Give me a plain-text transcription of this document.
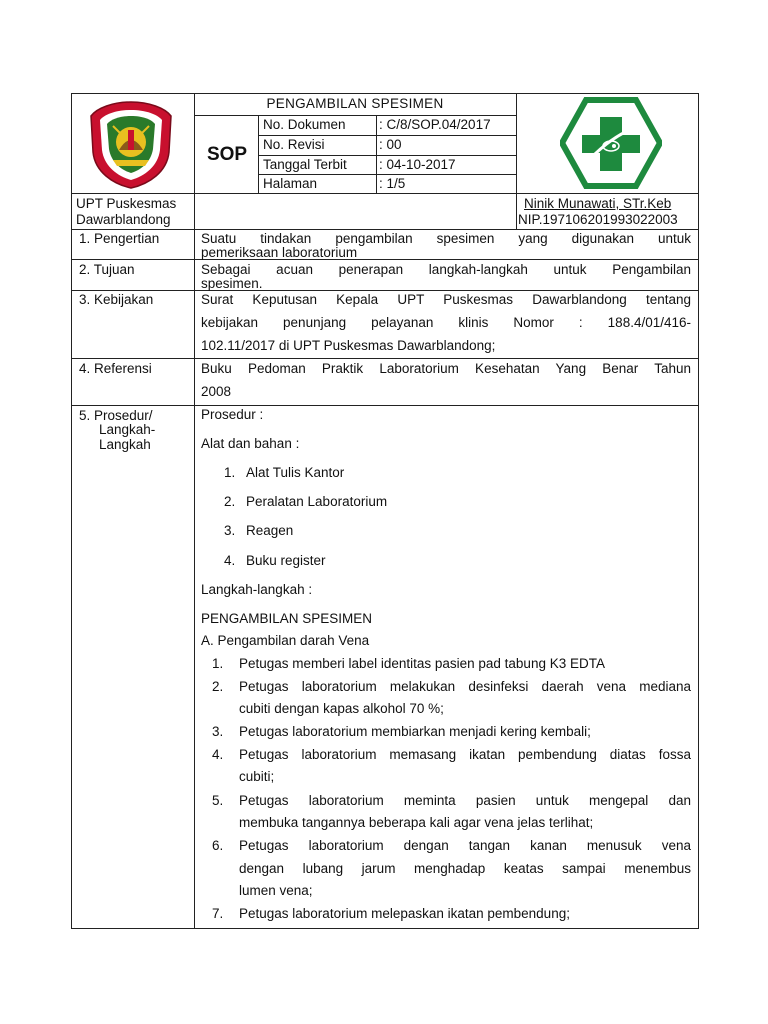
PENGAMBILAN SPESIMEN
SOP
No. Dokumen : C/8/SOP.04/2017
No. Revisi	: 00
Tanggal Terbit : 04-10-2017
Halaman	: 1/5
UPT Puskesmas
Dawarblandong
Ninik Munawati, STr.Keb
NIP.197106201993022003
1. Pengertian	Suatu tindakan pengambilan spesimen yang digunakan untuk
pemeriksaan laboratorium
2. Tujuan	Sebagai acuan penerapan langkah-langkah untuk Pengambilan
spesimen.
3. Kebijakan	Surat Keputusan Kepala UPT Puskesmas Dawarblandong tentang
kebijakan penunjang pelayanan klinis Nomor : 188.4/01/416-
102.11/2017 di UPT Puskesmas Dawarblandong;
4. Referensi	Buku Pedoman Praktik Laboratorium Kesehatan Yang Benar Tahun
2008
5. Prosedur/
Langkah-
Langkah
Prosedur :
Alat dan bahan :
1. Alat Tulis Kantor
2. Peralatan Laboratorium
3. Reagen
4. Buku register
Langkah-langkah :
PENGAMBILAN SPESIMEN
A. Pengambilan darah Vena
1. Petugas memberi label identitas pasien pad tabung K3 EDTA
2. Petugas laboratorium melakukan desinfeksi daerah vena mediana
cubiti dengan kapas alkohol 70 %;
3. Petugas laboratorium membiarkan menjadi kering kembali;
4. Petugas laboratorium memasang ikatan pembendung diatas fossa
cubiti;
5. Petugas laboratorium meminta pasien untuk mengepal dan
membuka tangannya beberapa kali agar vena jelas terlihat;
6. Petugas laboratorium dengan tangan kanan menusuk vena
dengan lubang jarum menghadap keatas sampai menembus
lumen vena;
7. Petugas laboratorium melepaskan ikatan pembendung;
